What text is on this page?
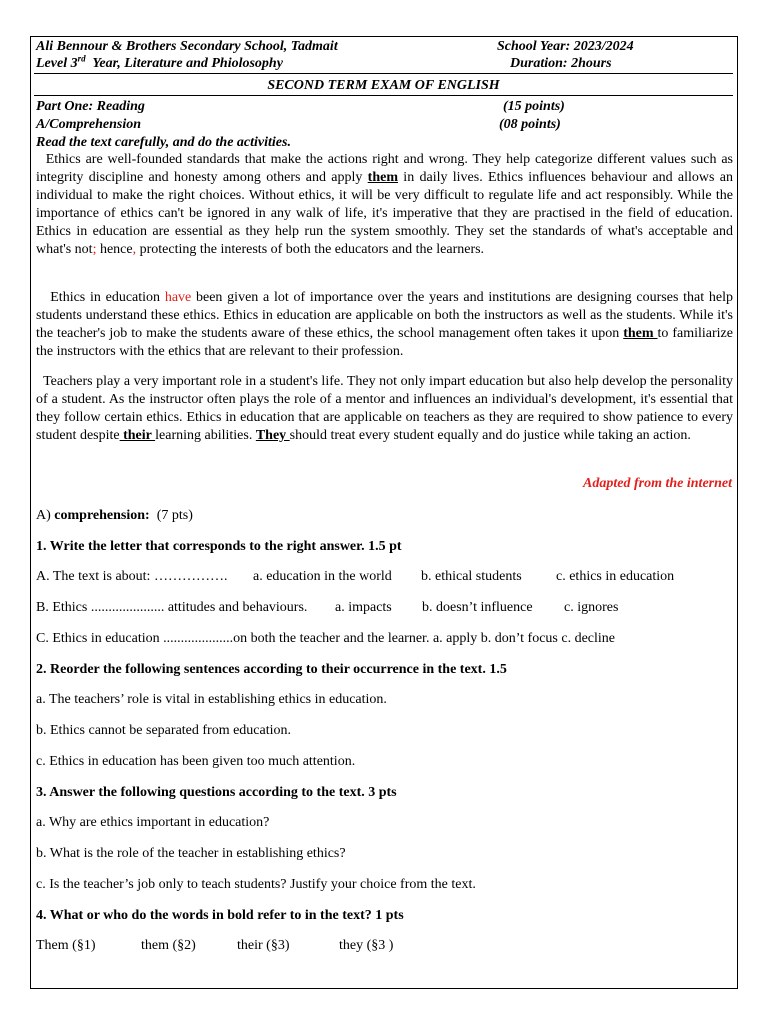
Ali Bennour & Brothers Secondary School, Tadmait	School Year: 2023/2024
Level 3rd  Year, Literature and Phiolosophy	Duration: 2hours
SECOND TERM EXAM OF ENGLISH
Part One: Reading	(15 points)
A/Comprehension	(08 points)
Read the text carefully, and do the activities.

Ethics are well-founded standards that make the actions right and wrong. They help categorize different values such as integrity discipline and honesty among others and apply them in daily lives. Ethics influences behaviour and allows an individual to make the right choices. Without ethics, it will be very difficult to regulate life and act responsibly. While the importance of ethics can't be ignored in any walk of life, it's imperative that they are practised in the field of education.  Ethics in education are essential as they help run the system smoothly. They set the standards of what's acceptable and what's not; hence, protecting the interests of both the educators and the learners.

Ethics in education have been given a lot of importance over the years and institutions are designing courses that help students understand these ethics. Ethics in education are applicable on both the instructors as well as the students. While it's the teacher's job to make the students aware of these ethics, the school management often takes it upon them to familiarize the instructors with the ethics that are relevant to their profession.

Teachers play a very important role in a student's life. They not only impart education but also help develop the personality of a student. As the instructor often plays the role of a mentor and influences an individual's development, it's essential that they follow certain ethics. Ethics in education that are applicable on teachers as they are required to show patience to every student despite their learning abilities. They should treat every student equally and do justice while taking an action.

Adapted from the internet
A) comprehension:  (7 pts)
1. Write the letter that corresponds to the right answer. 1.5 pt
A. The text is about: ……………. a. education in the world b. ethical students c. ethics in education
B. Ethics ..................... attitudes and behaviours. a. impacts b. doesn’t influence c. ignores
C. Ethics in education ....................on both the teacher and the learner. a. apply b. don’t focus c. decline
2. Reorder the following sentences according to their occurrence in the text. 1.5
a. The teachers’ role is vital in establishing ethics in education.
b. Ethics cannot be separated from education.
c. Ethics in education has been given too much attention.
3. Answer the following questions according to the text. 3 pts
a. Why are ethics important in education?
b. What is the role of the teacher in establishing ethics?
c. Is the teacher’s job only to teach students? Justify your choice from the text.
4. What or who do the words in bold refer to in the text? 1 pts
Them (§1)	them (§2)	their (§3)	they (§3 )
